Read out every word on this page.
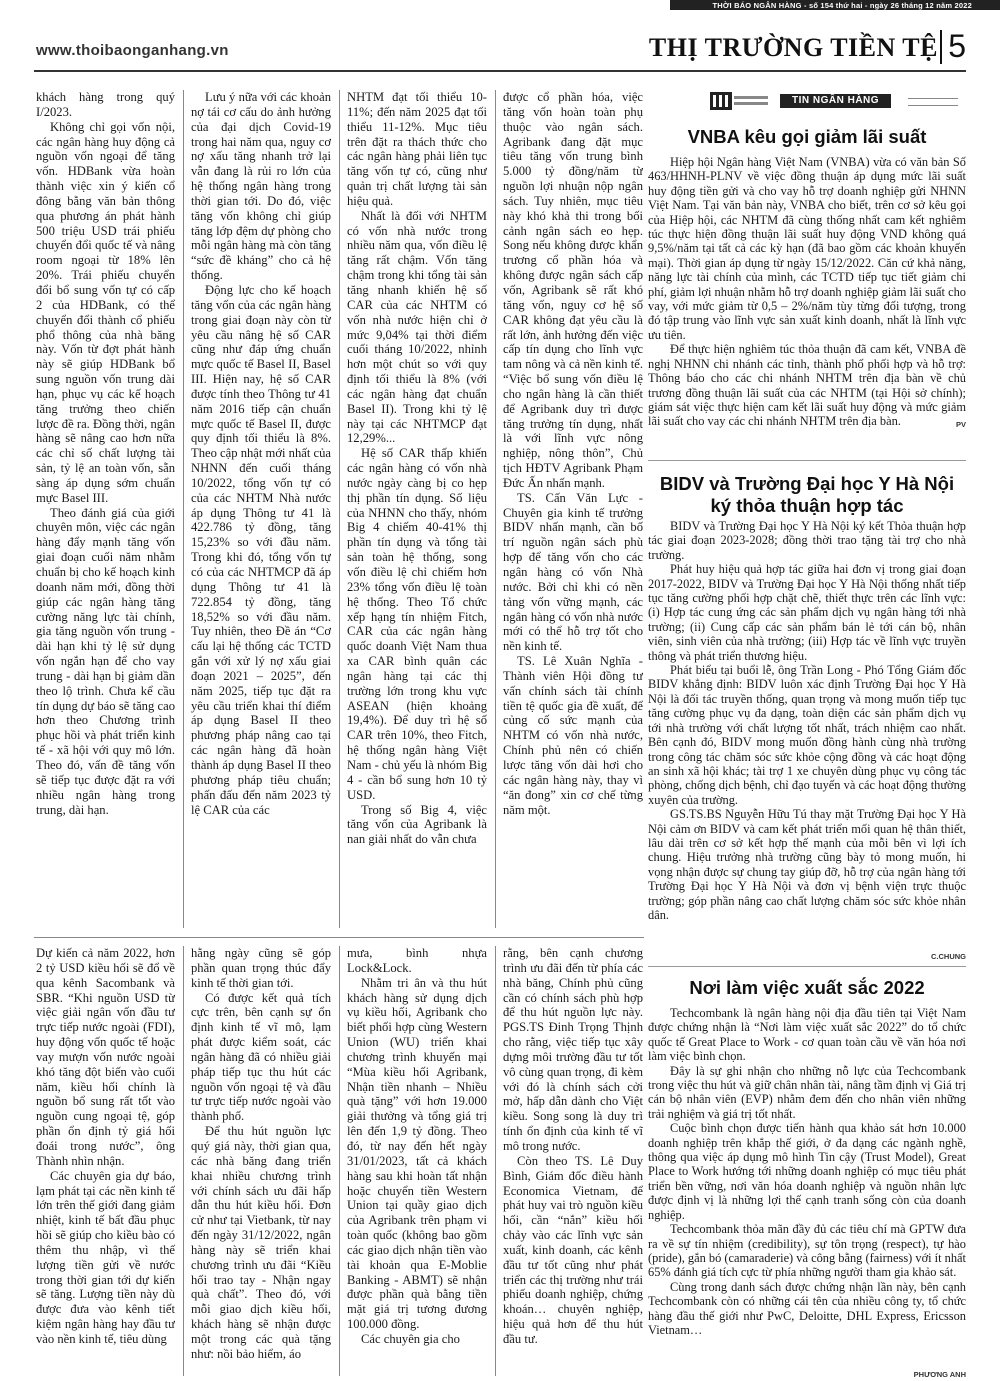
THỜI BÁO NGÂN HÀNG - số 154 thứ hai - ngày 26 tháng 12 năm 2022
www.thoibaonganhang.vn	THỊ TRƯỜNG TIỀN TỆ 5

khách hàng trong quý I/2023.

Không chỉ gọi vốn nội, các ngân hàng huy động cả nguồn vốn ngoại để tăng vốn. HDBank vừa hoàn thành việc xin ý kiến cổ đông bằng văn bản thông qua phương án phát hành 500 triệu USD trái phiếu chuyển đổi quốc tế và nâng room ngoại từ 18% lên 20%. Trái phiếu chuyển đổi bổ sung vốn tự có cấp 2 của HDBank, có thể chuyển đổi thành cổ phiếu phổ thông của nhà băng này. Vốn từ đợt phát hành này sẽ giúp HDBank bổ sung nguồn vốn trung dài hạn, phục vụ các kế hoạch tăng trưởng theo chiến lược đề ra. Đồng thời, ngân hàng sẽ nâng cao hơn nữa các chỉ số chất lượng tài sản, tỷ lệ an toàn vốn, sẵn sàng áp dụng sớm chuẩn mực Basel III.

Theo đánh giá của giới chuyên môn, việc các ngân hàng đẩy mạnh tăng vốn giai đoạn cuối năm nhằm chuẩn bị cho kế hoạch kinh doanh năm mới, đồng thời giúp các ngân hàng tăng cường năng lực tài chính, gia tăng nguồn vốn trung - dài hạn khi tỷ lệ sử dụng vốn ngắn hạn để cho vay trung - dài hạn bị giảm dần theo lộ trình. Chưa kể cầu tín dụng dự báo sẽ tăng cao hơn theo Chương trình phục hồi và phát triển kinh tế - xã hội với quy mô lớn. Theo đó, vấn đề tăng vốn sẽ tiếp tục được đặt ra với nhiều ngân hàng trong trung, dài hạn.

Lưu ý nữa với các khoản nợ tái cơ cấu do ảnh hưởng của đại dịch Covid-19 trong hai năm qua, nguy cơ nợ xấu tăng nhanh trở lại vẫn đang là rủi ro lớn của hệ thống ngân hàng trong thời gian tới. Do đó, việc tăng vốn không chỉ giúp tăng lớp đệm dự phòng cho mỗi ngân hàng mà còn tăng “sức đề kháng” cho cả hệ thống.

Động lực cho kế hoạch tăng vốn của các ngân hàng trong giai đoạn này còn từ yêu cầu nâng hệ số CAR cũng như đáp ứng chuẩn mực quốc tế Basel II, Basel III. Hiện nay, hệ số CAR được tính theo Thông tư 41 năm 2016 tiếp cận chuẩn mực quốc tế Basel II, được quy định tối thiểu là 8%. Theo cập nhật mới nhất của NHNN đến cuối tháng 10/2022, tổng vốn tự có của các NHTM Nhà nước áp dụng Thông tư 41 là 422.786 tỷ đồng, tăng 15,23% so với đầu năm. Trong khi đó, tổng vốn tự có của các NHTMCP đã áp dụng Thông tư 41 là 722.854 tỷ đồng, tăng 18,52% so với đầu năm. Tuy nhiên, theo Đề án “Cơ cấu lại hệ thống các TCTD gắn với xử lý nợ xấu giai đoạn 2021 – 2025”, đến năm 2025, tiếp tục đặt ra yêu cầu triển khai thí điểm áp dụng Basel II theo phương pháp nâng cao tại các ngân hàng đã hoàn thành áp dụng Basel II theo phương pháp tiêu chuẩn; phấn đấu đến năm 2023 tỷ lệ CAR của các

NHTM đạt tối thiểu 10-11%; đến năm 2025 đạt tối thiểu 11-12%. Mục tiêu trên đặt ra thách thức cho các ngân hàng phải liên tục tăng vốn tự có, cũng như quản trị chất lượng tài sản hiệu quả.

Nhất là đối với NHTM có vốn nhà nước trong nhiều năm qua, vốn điều lệ tăng rất chậm. Vốn tăng chậm trong khi tổng tài sản tăng nhanh khiến hệ số CAR của các NHTM có vốn nhà nước hiện chỉ ở mức 9,04% tại thời điểm cuối tháng 10/2022, nhỉnh hơn một chút so với quy định tối thiểu là 8% (với các ngân hàng đạt chuẩn Basel II). Trong khi tỷ lệ này tại các NHTMCP đạt 12,29%...

Hệ số CAR thấp khiến các ngân hàng có vốn nhà nước ngày càng bị co hẹp thị phần tín dụng. Số liệu của NHNN cho thấy, nhóm Big 4 chiếm 40-41% thị phần tín dụng và tổng tài sản toàn hệ thống, song vốn điều lệ chỉ chiếm hơn 23% tổng vốn điều lệ toàn hệ thống. Theo Tổ chức xếp hạng tín nhiệm Fitch, CAR của các ngân hàng quốc doanh Việt Nam thua xa CAR bình quân các ngân hàng tại các thị trường lớn trong khu vực ASEAN (hiện khoảng 19,4%). Để duy trì hệ số CAR trên 10%, theo Fitch, hệ thống ngân hàng Việt Nam - chủ yếu là nhóm Big 4 - cần bổ sung hơn 10 tỷ USD.

Trong số Big 4, việc tăng vốn của Agribank là nan giải nhất do vẫn chưa

được cổ phần hóa, việc tăng vốn hoàn toàn phụ thuộc vào ngân sách. Agribank đang đặt mục tiêu tăng vốn trung bình 5.000 tỷ đồng/năm từ nguồn lợi nhuận nộp ngân sách. Tuy nhiên, mục tiêu này khó khả thi trong bối cảnh ngân sách eo hẹp. Song nếu không được khẩn trương cổ phần hóa và không được ngân sách cấp vốn, Agribank sẽ rất khó tăng vốn, nguy cơ hệ số CAR không đạt yêu cầu là rất lớn, ảnh hưởng đến việc cấp tín dụng cho lĩnh vực tam nông và cả nền kinh tế. “Việc bổ sung vốn điều lệ cho ngân hàng là cần thiết để Agribank duy trì được tăng trưởng tín dụng, nhất là với lĩnh vực nông nghiệp, nông thôn”, Chủ tịch HĐTV Agribank Phạm Đức Ấn nhấn mạnh.

TS. Cấn Văn Lực - Chuyên gia kinh tế trưởng BIDV nhấn mạnh, cần bố trí nguồn ngân sách phù hợp để tăng vốn cho các ngân hàng có vốn Nhà nước. Bởi chỉ khi có nền tảng vốn vững mạnh, các ngân hàng có vốn nhà nước mới có thể hỗ trợ tốt cho nền kinh tế.

TS. Lê Xuân Nghĩa - Thành viên Hội đồng tư vấn chính sách tài chính tiền tệ quốc gia đề xuất, để củng cố sức mạnh của NHTM có vốn nhà nước, Chính phủ nên có chiến lược tăng vốn dài hơi cho các ngân hàng này, thay vì “ăn đong” xin cơ chế từng năm một.

Dự kiến cả năm 2022, hơn 2 tỷ USD kiều hối sẽ đổ về qua kênh Sacombank và SBR. “Khi nguồn USD từ việc giải ngân vốn đầu tư trực tiếp nước ngoài (FDI), huy động vốn quốc tế hoặc vay mượn vốn nước ngoài khó tăng đột biến vào cuối năm, kiều hối chính là nguồn bổ sung rất tốt vào nguồn cung ngoại tệ, góp phần ổn định tỷ giá hối đoái trong nước”, ông Thành nhìn nhận.

Các chuyên gia dự báo, lạm phát tại các nền kinh tế lớn trên thế giới đang giảm nhiệt, kinh tế bất đầu phục hồi sẽ giúp cho kiều bào có thêm thu nhập, vì thế lượng tiền gửi về nước trong thời gian tới dự kiến sẽ tăng. Lượng tiền này dù được đưa vào kênh tiết kiệm ngân hàng hay đầu tư vào nền kinh tế, tiêu dùng

hằng ngày cũng sẽ góp phần quan trọng thúc đẩy kinh tế thời gian tới.

Có được kết quả tích cực trên, bên cạnh sự ổn định kinh tế vĩ mô, lạm phát được kiểm soát, các ngân hàng đã có nhiều giải pháp tiếp tục thu hút các nguồn vốn ngoại tệ và đầu tư trực tiếp nước ngoài vào thành phố.

Để thu hút nguồn lực quý giá này, thời gian qua, các nhà băng đang triển khai nhiều chương trình với chính sách ưu đãi hấp dẫn thu hút kiều hối. Đơn cử như tại Vietbank, từ nay đến ngày 31/12/2022, ngân hàng này sẽ triển khai chương trình ưu đãi “Kiều hối trao tay - Nhận ngay quà chất”. Theo đó, với mỗi giao dịch kiều hối, khách hàng sẽ nhận được một trong các quà tặng như: nồi bảo hiểm, áo

mưa, bình nhựa Lock&Lock.

Nhằm tri ân và thu hút khách hàng sử dụng dịch vụ kiều hối, Agribank cho biết phối hợp cùng Western Union (WU) triển khai chương trình khuyến mại “Mùa kiều hối Agribank, Nhận tiền nhanh – Nhiều quà tặng” với hơn 19.000 giải thưởng và tổng giá trị lên đến 1,9 tỷ đồng. Theo đó, từ nay đến hết ngày 31/01/2023, tất cả khách hàng sau khi hoàn tất nhận hoặc chuyển tiền Western Union tại quầy giao dịch của Agribank trên phạm vi toàn quốc (không bao gồm các giao dịch nhận tiền vào tài khoản qua E-Moblie Banking - ABMT) sẽ nhận được phần quà bằng tiền mặt giá trị tương đương 100.000 đồng.

Các chuyên gia cho

rằng, bên cạnh chương trình ưu đãi đến từ phía các nhà băng, Chính phủ cũng cần có chính sách phù hợp để thu hút nguồn lực này. PGS.TS Đinh Trọng Thịnh cho rằng, việc tiếp tục xây dựng môi trường đầu tư tốt vô cùng quan trọng, đi kèm với đó là chính sách cởi mở, hấp dẫn dành cho Việt kiều. Song song là duy trì tính ổn định của kinh tế vĩ mô trong nước.

Còn theo TS. Lê Duy Bình, Giám đốc điều hành Economica Vietnam, để phát huy vai trò nguồn kiều hối, cần “nắn” kiều hối chảy vào các lĩnh vực sản xuất, kinh doanh, các kênh đầu tư tốt cũng như phát triển các thị trường như trái phiếu doanh nghiệp, chứng khoán… chuyên nghiệp, hiệu quả hơn để thu hút đầu tư.

TIN NGÂN HÀNG
VNBA kêu gọi giảm lãi suất

Hiệp hội Ngân hàng Việt Nam (VNBA) vừa có văn bản Số 463/HHNH-PLNV về việc đồng thuận áp dụng mức lãi suất huy động tiền gửi và cho vay hỗ trợ doanh nghiệp gửi NHNN Việt Nam. Tại văn bản này, VNBA cho biết, trên cơ sở kêu gọi của Hiệp hội, các NHTM đã cùng thống nhất cam kết nghiêm túc thực hiện đồng thuận lãi suất huy động VND không quá 9,5%/năm tại tất cả các kỳ hạn (đã bao gồm các khoản khuyến mại). Thời gian áp dụng từ ngày 15/12/2022. Căn cứ khả năng, năng lực tài chính của mình, các TCTD tiếp tục tiết giảm chi phí, giảm lợi nhuận nhằm hỗ trợ doanh nghiệp giảm lãi suất cho vay, với mức giảm từ 0,5 – 2%/năm tùy từng đối tượng, trong đó tập trung vào lĩnh vực sản xuất kinh doanh, nhất là lĩnh vực ưu tiên.

Để thực hiện nghiêm túc thỏa thuận đã cam kết, VNBA đề nghị NHNN chi nhánh các tỉnh, thành phố phối hợp và hỗ trợ: Thông báo cho các chi nhánh NHTM trên địa bàn về chủ trương đồng thuận lãi suất của các NHTM (tại Hội sở chính); giám sát việc thực hiện cam kết lãi suất huy động và mức giảm lãi suất cho vay các chi nhánh NHTM trên địa bàn.	PV
BIDV và Trường Đại học Y Hà Nội ký thỏa thuận hợp tác

BIDV và Trường Đại học Y Hà Nội ký kết Thỏa thuận hợp tác giai đoạn 2023-2028; đồng thời trao tặng tài trợ cho nhà trường.

Phát huy hiệu quả hợp tác giữa hai đơn vị trong giai đoạn 2017-2022, BIDV và Trường Đại học Y Hà Nội thống nhất tiếp tục tăng cường phối hợp chặt chẽ, thiết thực trên các lĩnh vực: (i) Hợp tác cung ứng các sản phẩm dịch vụ ngân hàng tới nhà trường; (ii) Cung cấp các sản phẩm bán lẻ tới cán bộ, nhân viên, sinh viên của nhà trường; (iii) Hợp tác về lĩnh vực truyền thông và phát triển thương hiệu.

Phát biểu tại buổi lễ, ông Trần Long - Phó Tổng Giám đốc BIDV khẳng định: BIDV luôn xác định Trường Đại học Y Hà Nội là đối tác truyền thống, quan trọng và mong muốn tiếp tục tăng cường phục vụ đa dạng, toàn diện các sản phẩm dịch vụ tới nhà trường với chất lượng tốt nhất, trách nhiệm cao nhất. Bên cạnh đó, BIDV mong muốn đồng hành cùng nhà trường trong công tác chăm sóc sức khỏe cộng đồng và các hoạt động an sinh xã hội khác; tài trợ 1 xe chuyên dùng phục vụ công tác phòng, chống dịch bệnh, chỉ đạo tuyến và các hoạt động thường xuyên của trường.

GS.TS.BS Nguyễn Hữu Tú thay mặt Trường Đại học Y Hà Nội cảm ơn BIDV và cam kết phát triển mối quan hệ thân thiết, lâu dài trên cơ sở kết hợp thế mạnh của mỗi bên vì lợi ích chung. Hiệu trưởng nhà trường cũng bày tỏ mong muốn, hi vọng nhận được sự chung tay giúp đỡ, hỗ trợ của ngân hàng tới Trường Đại học Y Hà Nội và đơn vị bệnh viện trực thuộc trường; góp phần nâng cao chất lượng chăm sóc sức khỏe nhân dân.

C.CHUNG
Nơi làm việc xuất sắc 2022

Techcombank là ngân hàng nội địa đầu tiên tại Việt Nam được chứng nhận là “Nơi làm việc xuất sắc 2022” do tổ chức quốc tế Great Place to Work - cơ quan toàn cầu về văn hóa nơi làm việc bình chọn.

Đây là sự ghi nhận cho những nỗ lực của Techcombank trong việc thu hút và giữ chân nhân tài, nâng tầm định vị Giá trị cán bộ nhân viên (EVP) nhằm đem đến cho nhân viên những trải nghiệm và giá trị tốt nhất.

Cuộc bình chọn được tiến hành qua khảo sát hơn 10.000 doanh nghiệp trên khắp thế giới, ở đa dạng các ngành nghề, thông qua việc áp dụng mô hình Tin cậy (Trust Model), Great Place to Work hướng tới những doanh nghiệp có mục tiêu phát triển bền vững, nơi văn hóa doanh nghiệp và nguồn nhân lực được định vị là những lợi thế cạnh tranh sống còn của doanh nghiệp.

Techcombank thỏa mãn đầy đủ các tiêu chí mà GPTW đưa ra về sự tín nhiệm (credibility), sự tôn trọng (respect), tự hào (pride), gắn bó (camaraderie) và công bằng (fairness) với ít nhất 65% đánh giá tích cực từ phía những người tham gia khảo sát.

Cùng trong danh sách được chứng nhận lần này, bên cạnh Techcombank còn có những cái tên của nhiều công ty, tổ chức hàng đầu thế giới như PwC, Deloitte, DHL Express, Ericsson Vietnam…

PHƯƠNG ANH
